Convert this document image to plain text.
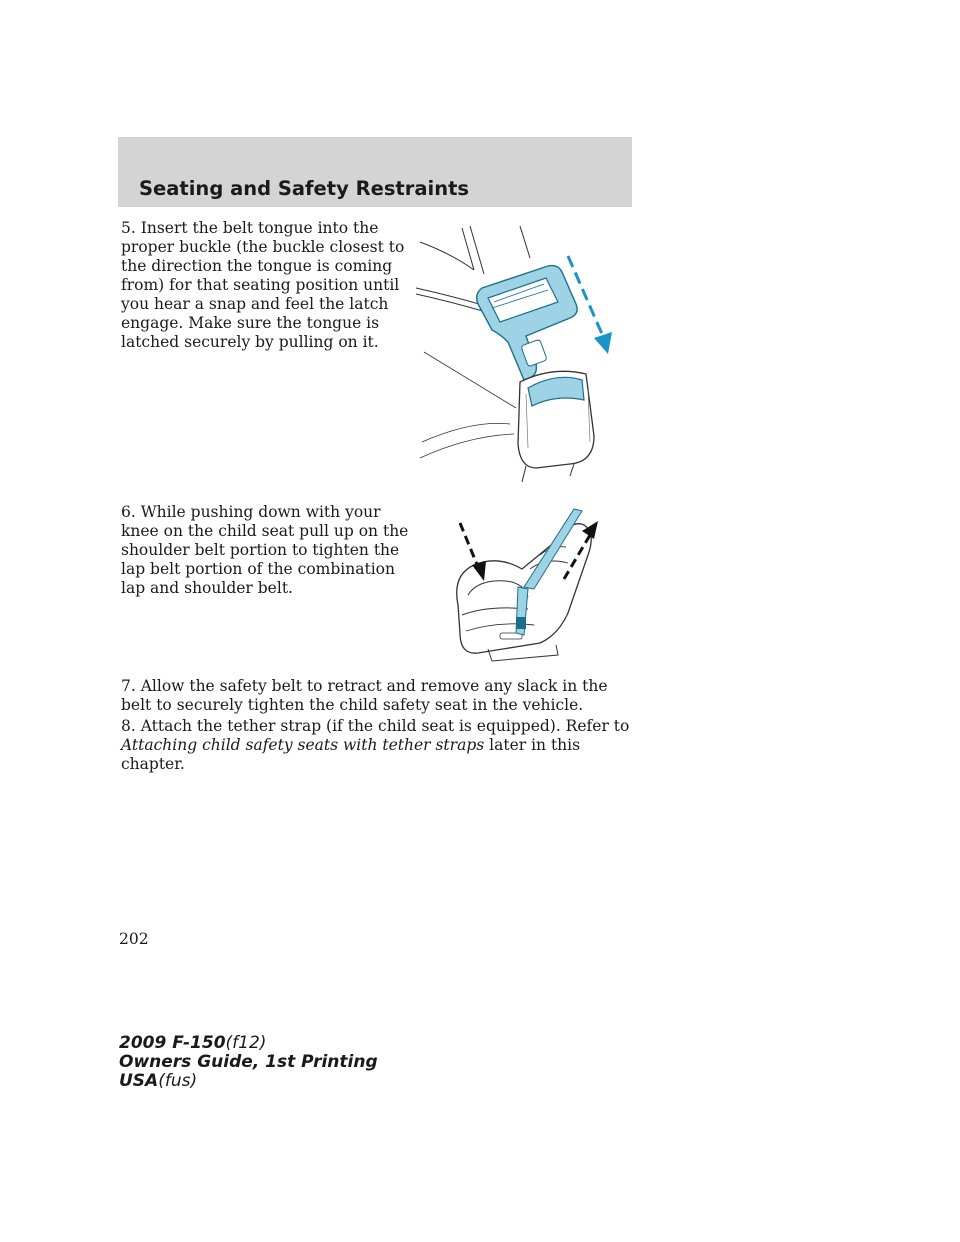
Seating and Safety Restraints

5. Insert the belt tongue into the proper buckle (the buckle closest to the direction the tongue is coming from) for that seating position until you hear a snap and feel the latch engage. Make sure the tongue is latched securely by pulling on it.

6. While pushing down with your knee on the child seat pull up on the shoulder belt portion to tighten the lap belt portion of the combination lap and shoulder belt.

7. Allow the safety belt to retract and remove any slack in the belt to securely tighten the child safety seat in the vehicle.

8. Attach the tether strap (if the child seat is equipped). Refer to Attaching child safety seats with tether straps later in this chapter.

202
2009 F-150(f12)
Owners Guide, 1st Printing
USA(fus)
